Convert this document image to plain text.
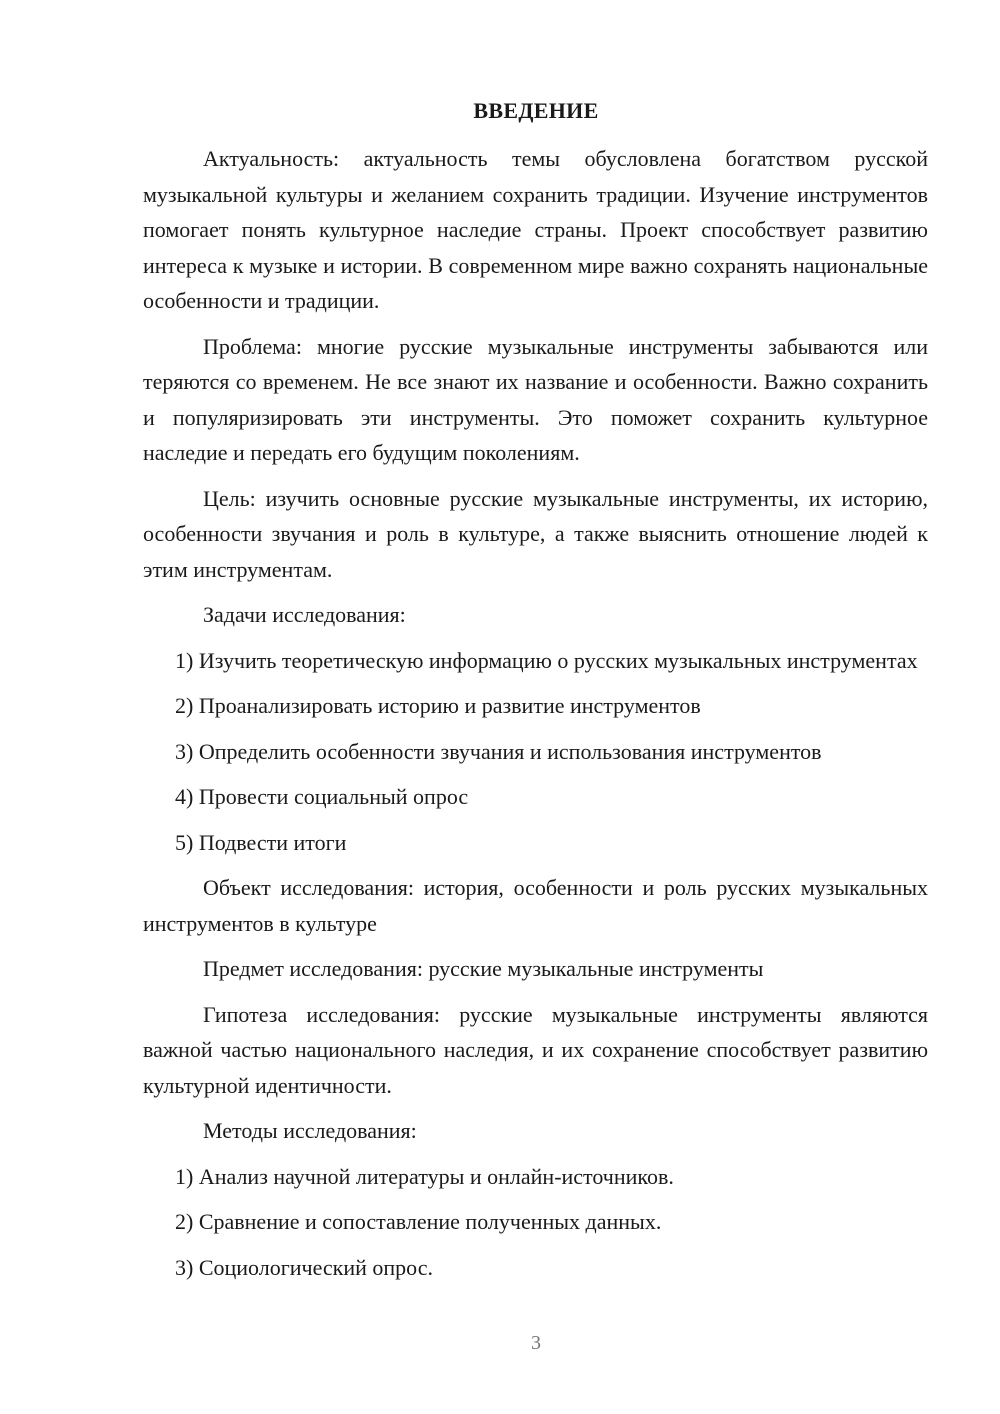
ВВЕДЕНИЕ

Актуальность: актуальность темы обусловлена богатством русской музыкальной культуры и желанием сохранить традиции. Изучение инструментов помогает понять культурное наследие страны. Проект способствует развитию интереса к музыке и истории. В современном мире важно сохранять национальные особенности и традиции.

Проблема: многие русские музыкальные инструменты забываются или теряются со временем. Не все знают их название и особенности. Важно сохранить и популяризировать эти инструменты. Это поможет сохранить культурное наследие и передать его будущим поколениям.

Цель: изучить основные русские музыкальные инструменты, их историю, особенности звучания и роль в культуре, а также выяснить отношение людей к этим инструментам.

Задачи исследования:

1) Изучить теоретическую информацию о русских музыкальных инструментах

2) Проанализировать историю и развитие инструментов

3) Определить особенности звучания и использования инструментов

4) Провести социальный опрос

5) Подвести итоги

Объект исследования: история, особенности и роль русских музыкальных инструментов в культуре

Предмет исследования: русские музыкальные инструменты

Гипотеза исследования: русские музыкальные инструменты являются важной частью национального наследия, и их сохранение способствует развитию культурной идентичности.

Методы исследования:

1) Анализ научной литературы и онлайн-источников.

2) Сравнение и сопоставление полученных данных.

3) Социологический опрос.

3
